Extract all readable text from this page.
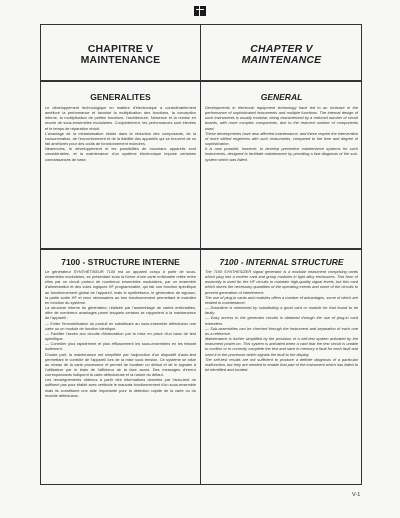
CHAPITRE V
MAINTENANCE
CHAPTER V
MAINTENANCE
GENERALITES	GENERAL

Le développement technologique en matière d'électronique a considérablement amélioré la performance et favorisé la multiplication des fonctions, la conception interne, la multiplication de petites fonctions, l'architecture, l'absence et la remise en œuvre de sous-ensembles modulaires. Conjointement, les performances sont élevées et le temps de réparation réduit.

L'avantage de la miniaturisation réside dans la réduction des composants, de la consommation, de l'encombrement et de la fiabilité des appareils qui se trouvent de ce fait améliorés pour des coûts de fonctionnement moindres.

Néanmoins, le développement et les possibilités de nouveaux appareils sont considérables, et la maintenance d'un système électronique impose certaines connaissances de base.

Developments in electronic equipment technology have led to an increase in the performance of sophisticated instruments and multiple functions. The internal design of such instruments is usually modular, being characterized by a reduced number of circuit boards, with more complex components, due to the reduced number of components used.

These developments have also affected maintenance, and these require the intervention of more skilled engineers with such instruments, compared to the time and degree of sophistication.

It is now possible, however, to develop preventive maintenance systems for such instruments, designed to facilitate maintenance by providing a fast diagnosis of the sub-system which was failed.

7100 - STRUCTURE INTERNE	7100 - INTERNAL STRUCTURE

Le générateur SYNTHÉTISEUR 7100 est un appareil conçu à partir de sous-ensembles modulaires, se présentant sous la forme d'une carte enfichable reliée entre elles par un circuit porteur de nombreux ensembles modulaires, par un ensemble d'alimentation et des voies logiques HF programmable, qui fait une fonction spécifique au fonctionnement global de l'appareil, mais le synthétiseur, le générateur de signaux, la partie sortie HF et ceux nécessaires au bon fonctionnement permettant le maintien en fonction du système.

La structure interne du générateur, réalisée par l'assemblage de cartes enfichables, offre de nombreux avantages parmi lesquels certains se rapportent à la maintenance de l'appareil :

— Eviter l'immobilisation du produit en substituant au sous-ensemble défectueux une carte ou un module de fonction identique.

— Faciliter l'accès aux circuits d'élaboration par la mise en place d'un banc de test spécifique.

— Contrôler plus rapidement et plus efficacement les sous-ensembles en les testant isolément.

D'autre part, la maintenance est simplifiée par l'adjonction d'un dispositif d'auto-test permettant le contrôle de l'appareil lors de la mise sous tension. Ce système se situe au niveau de la carte processeur et permet de localiser un défaut et de le signaler à l'utilisateur par le biais de l'afficheur de la face avant. Des messages d'erreur correspondants indiquent la carte défectueuse et la nature du défaut.

Les renseignements obtenus à partir des informations données par l'auto-test ne suffisent pas pour établir avec certitude le mauvais fonctionnement d'un sous-ensemble mais ils constituent une aide importante pour la détection rapide de la carte ou du module défectueux.

The 7100 SYNTHESIZER signal generator is a modular instrument comprising cards which plug into a mother card and group modules in light alloy enclosures. This form of assembly is used for the HF circuits to maintain high-quality signal levels, but this card which stores the necessary quantities of the operating events and some of the circuits to prevent generation of interference.

The use of plug-in cards and modules offers a number of advantages, some of which are related to maintenance:

— Downtime is minimized by substituting a good card or module for that found to be faulty.

— Easy access to the generator circuits is obtained through the use of plug-in card extenders.

— Sub-assemblies can be checked through the instrument and separation of each one as a reference.

Maintenance is further simplified by the provision of a self-test system activated by the instrument power-on. This system is activated when a card that the test circuit is unable to confirm or to correctly complete the test and save in memory a fault for each fault and send it to the processor which signals the fault to the display.

The self-test results are not sufficient to produce a definite diagnosis of a particular malfunction, but they are needed to enable that part of the instrument which has failed to be identified and located.

V-1
